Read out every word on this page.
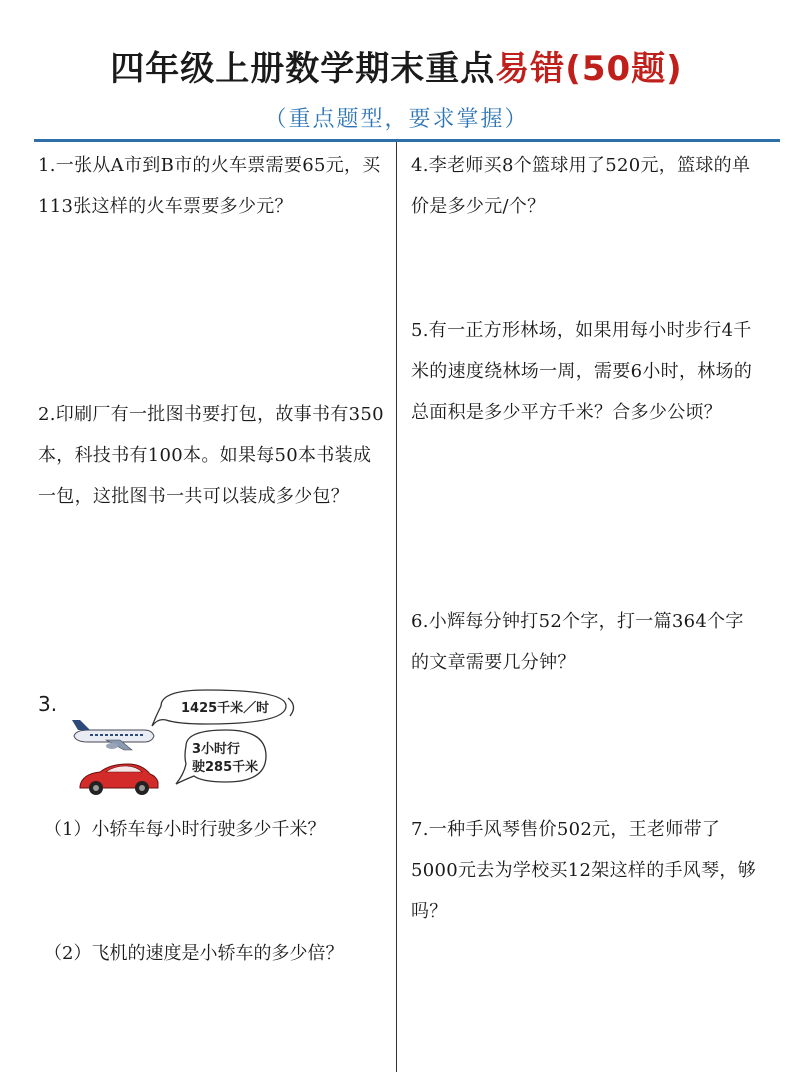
四年级上册数学期末重点易错(50题)
（重点题型，要求掌握）
1.一张从A市到B市的火车票需要65元，买113张这样的火车票要多少元？
2.印刷厂有一批图书要打包，故事书有350本，科技书有100本。如果每50本书装成一包，这批图书一共可以装成多少包？
3.	1425千米／时
3小时行
驶285千米
（1）小轿车每小时行驶多少千米？
（2）飞机的速度是小轿车的多少倍？
4.李老师买8个篮球用了520元，篮球的单价是多少元/个？
5.有一正方形林场，如果用每小时步行4千米的速度绕林场一周，需要6小时，林场的总面积是多少平方千米？合多少公顷？
6.小辉每分钟打52个字，打一篇364个字的文章需要几分钟？
7.一种手风琴售价502元，王老师带了5000元去为学校买12架这样的手风琴，够吗？
